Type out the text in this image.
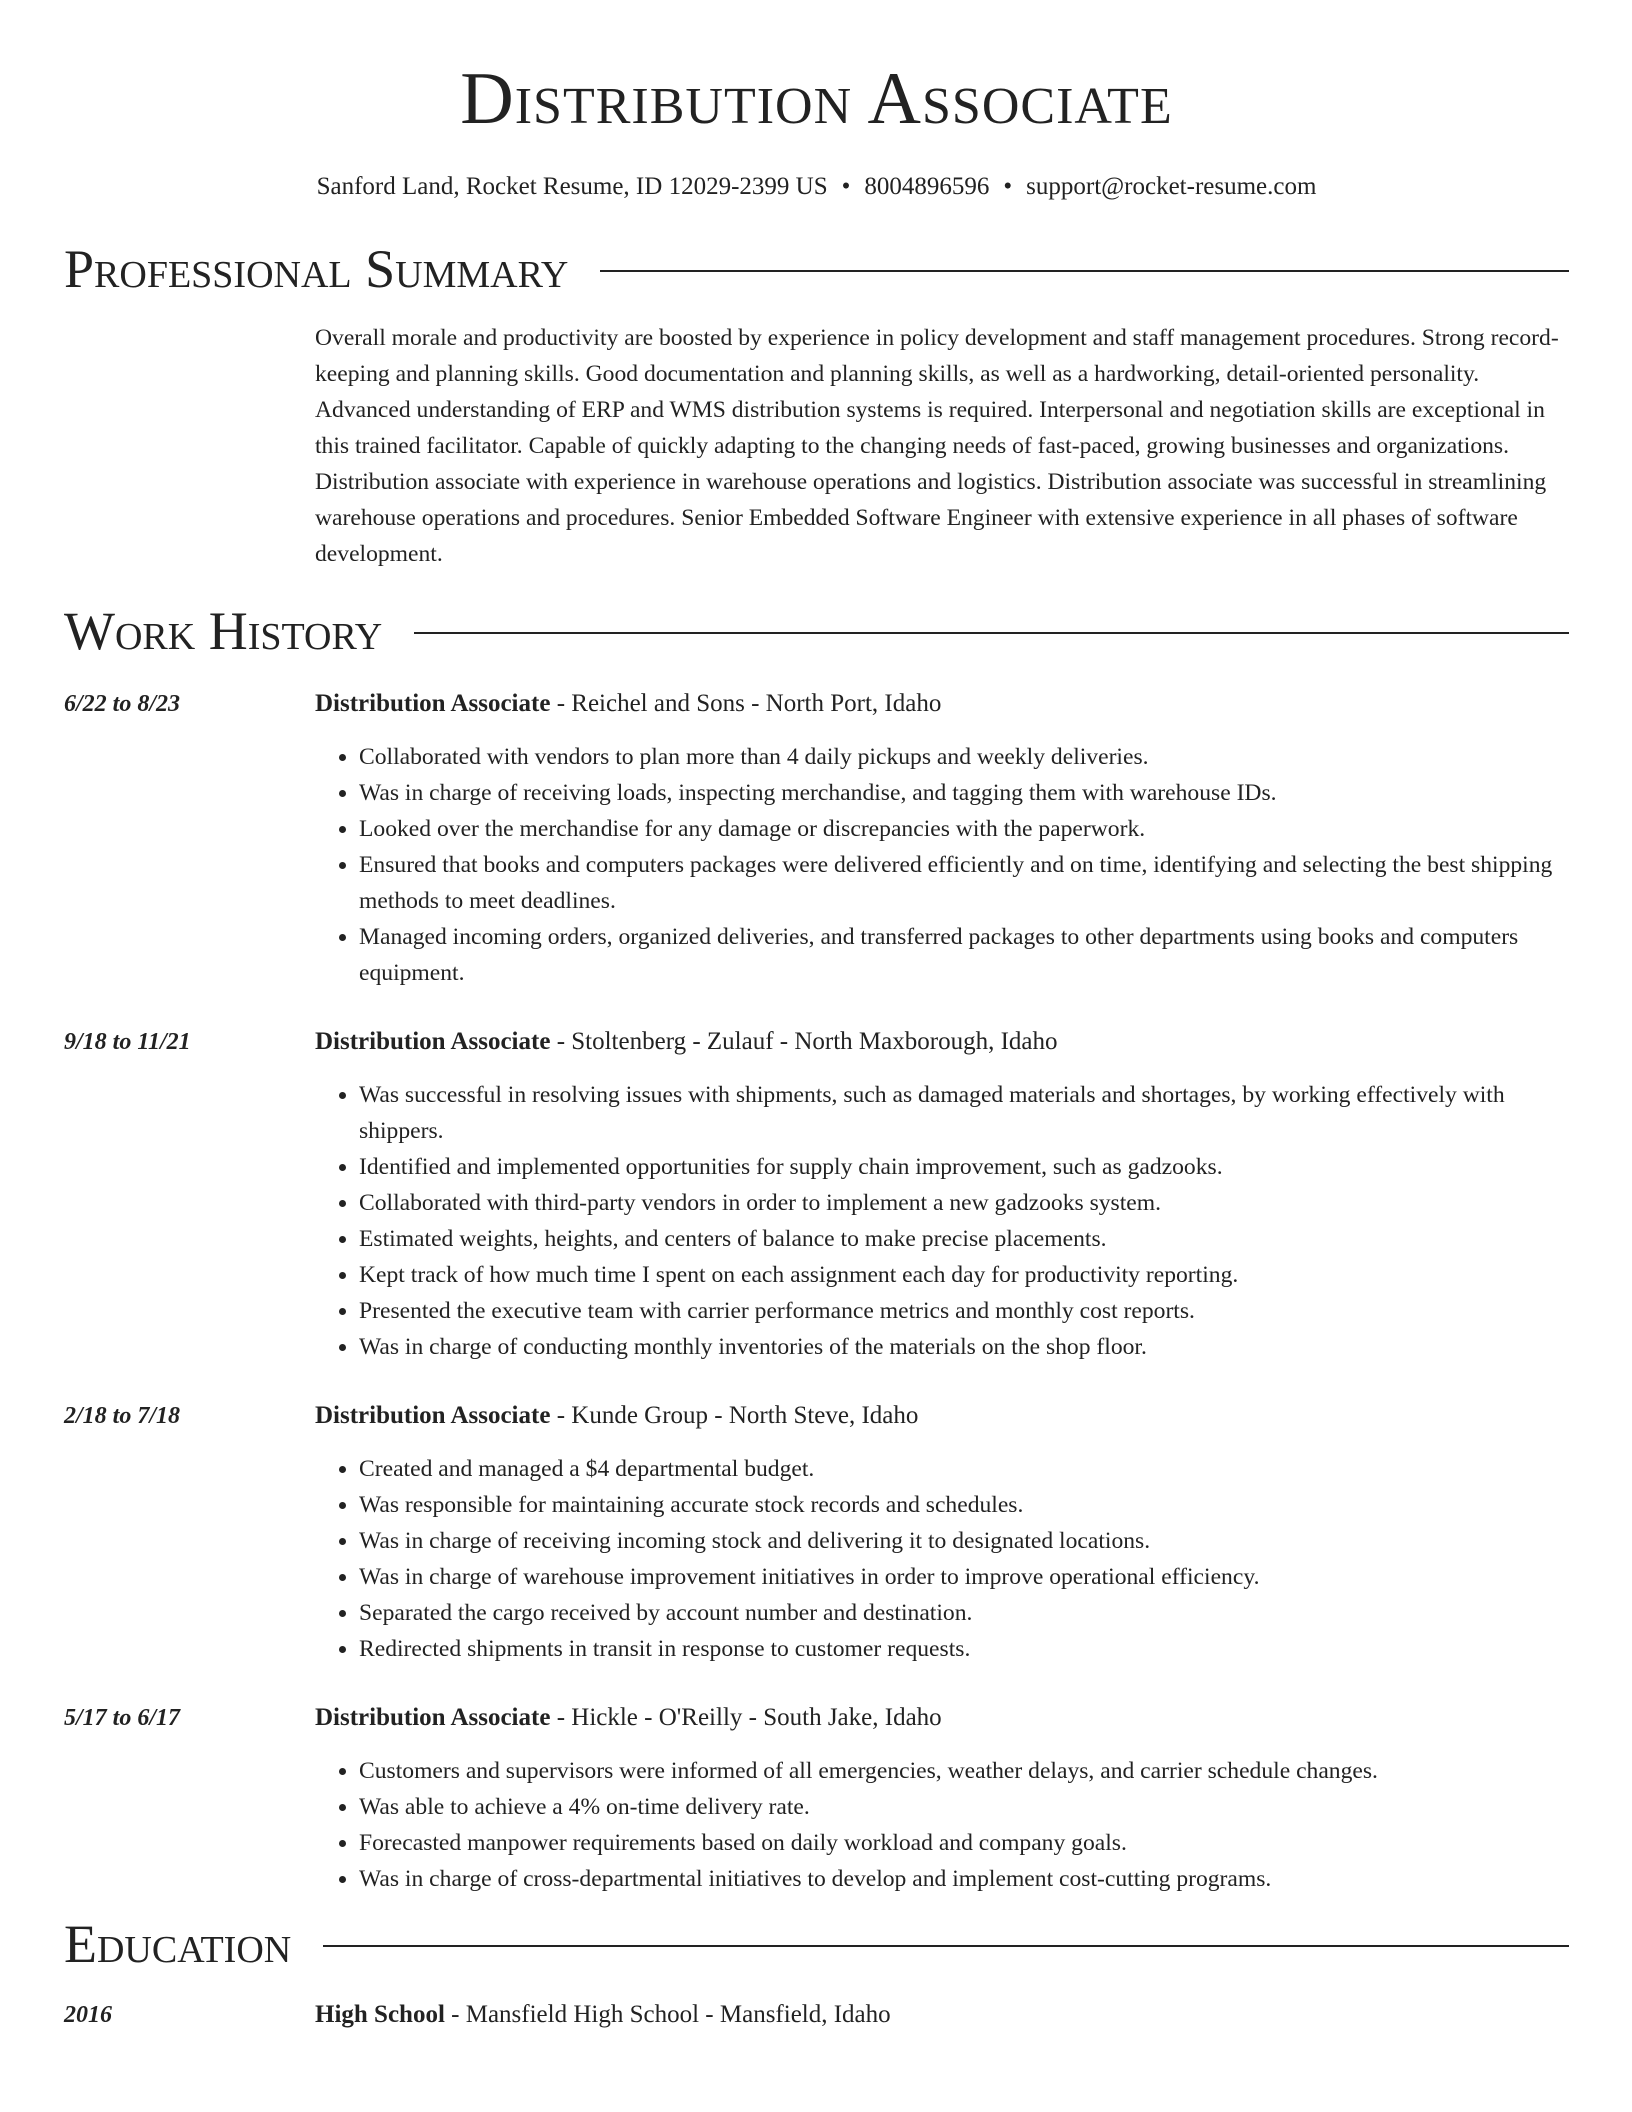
Distribution Associate
Sanford Land, Rocket Resume, ID 12029-2399 US • 8004896596 • support@rocket-resume.com
Professional Summary
Overall morale and productivity are boosted by experience in policy development and staff management procedures. Strong record-keeping and planning skills. Good documentation and planning skills, as well as a hardworking, detail-oriented personality. Advanced understanding of ERP and WMS distribution systems is required. Interpersonal and negotiation skills are exceptional in this trained facilitator. Capable of quickly adapting to the changing needs of fast-paced, growing businesses and organizations. Distribution associate with experience in warehouse operations and logistics. Distribution associate was successful in streamlining warehouse operations and procedures. Senior Embedded Software Engineer with extensive experience in all phases of software development.
Work History
6/22 to 8/23	Distribution Associate - Reichel and Sons - North Port, Idaho
• Collaborated with vendors to plan more than 4 daily pickups and weekly deliveries.
• Was in charge of receiving loads, inspecting merchandise, and tagging them with warehouse IDs.
• Looked over the merchandise for any damage or discrepancies with the paperwork.
• Ensured that books and computers packages were delivered efficiently and on time, identifying and selecting the best shipping methods to meet deadlines.
• Managed incoming orders, organized deliveries, and transferred packages to other departments using books and computers equipment.
9/18 to 11/21	Distribution Associate - Stoltenberg - Zulauf - North Maxborough, Idaho
• Was successful in resolving issues with shipments, such as damaged materials and shortages, by working effectively with shippers.
• Identified and implemented opportunities for supply chain improvement, such as gadzooks.
• Collaborated with third-party vendors in order to implement a new gadzooks system.
• Estimated weights, heights, and centers of balance to make precise placements.
• Kept track of how much time I spent on each assignment each day for productivity reporting.
• Presented the executive team with carrier performance metrics and monthly cost reports.
• Was in charge of conducting monthly inventories of the materials on the shop floor.
2/18 to 7/18	Distribution Associate - Kunde Group - North Steve, Idaho
• Created and managed a $4 departmental budget.
• Was responsible for maintaining accurate stock records and schedules.
• Was in charge of receiving incoming stock and delivering it to designated locations.
• Was in charge of warehouse improvement initiatives in order to improve operational efficiency.
• Separated the cargo received by account number and destination.
• Redirected shipments in transit in response to customer requests.
5/17 to 6/17	Distribution Associate - Hickle - O'Reilly - South Jake, Idaho
• Customers and supervisors were informed of all emergencies, weather delays, and carrier schedule changes.
• Was able to achieve a 4% on-time delivery rate.
• Forecasted manpower requirements based on daily workload and company goals.
• Was in charge of cross-departmental initiatives to develop and implement cost-cutting programs.
Education
2016	High School - Mansfield High School - Mansfield, Idaho
